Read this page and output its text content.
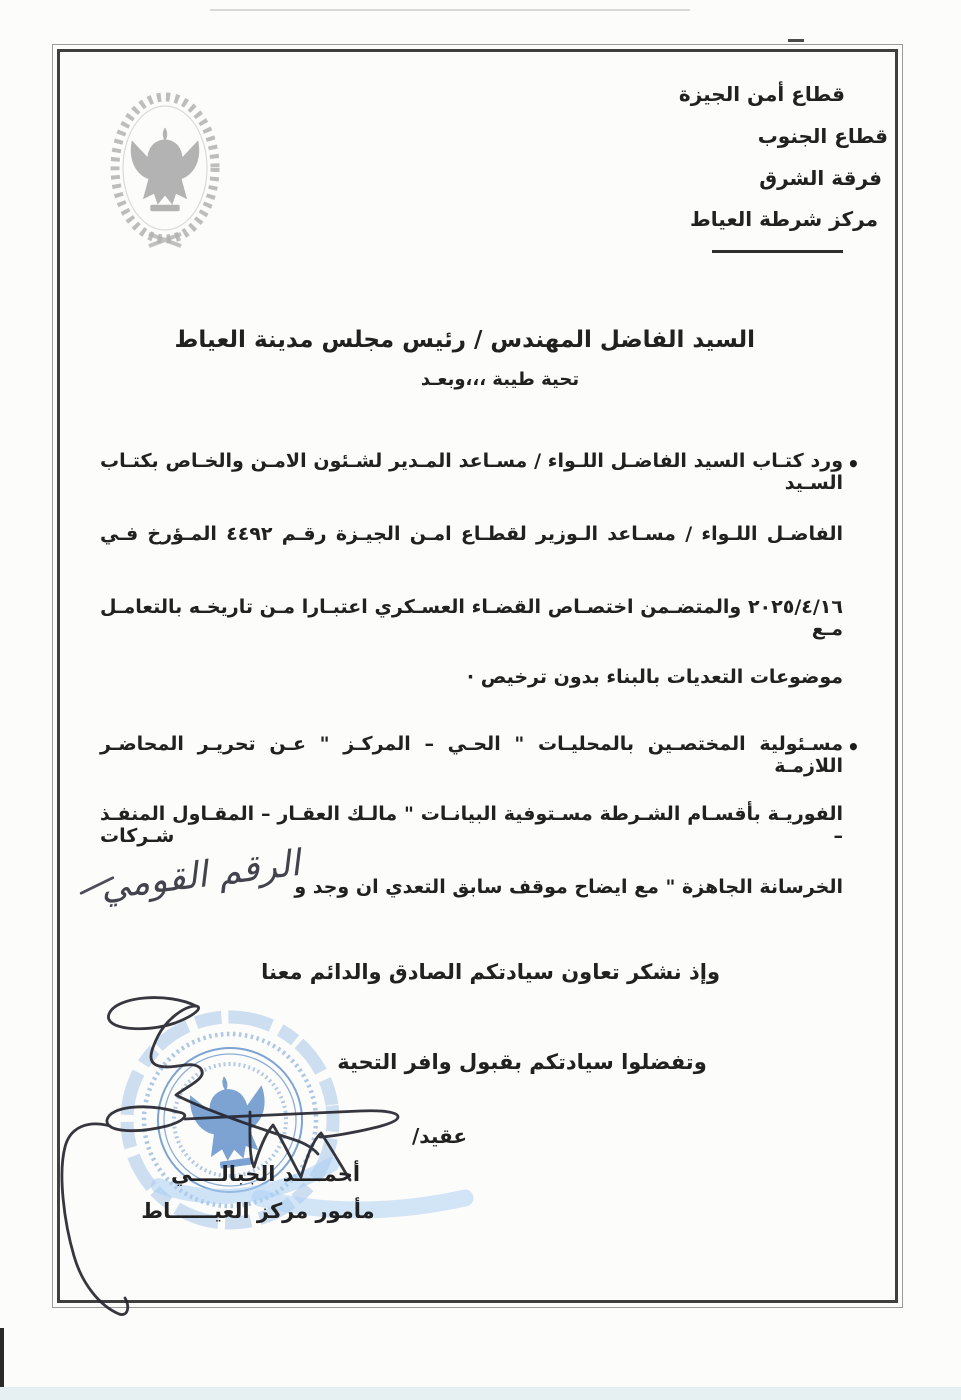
قطاع أمن الجيزة
قطاع الجنوب
فرقة الشرق
مركز شرطة العياط
السيد الفاضل المهندس / رئيس مجلس مدينة العياط
تحية طيبة ،،،وبعـد
•
ورد كتـاب السيد الفاضـل اللـواء / مسـاعد المـدير لشـئون الامـن والخـاص بكتـاب السـيد
الفاضـل اللـواء / مسـاعد الـوزير لقطـاع امـن الجيـزة رقـم ٤٤٩٢ المـؤرخ فـي
٢٠٢٥/٤/١٦ والمتضـمن اختصـاص القضـاء العسـكري اعتبـارا مـن تاريخـه بالتعامـل مـع
موضوعات التعديات بالبناء بدون ترخيص ·
•
مسـئولية المختصـين بالمحليـات " الحـي – المركـز " عـن تحريـر المحاضـر اللازمـة
الفوريـة بأقسـام الشـرطة مسـتوفية البيانـات " مالـك العقـار – المقـاول المنفـذ – شـركات
الخرسانة الجاهزة " مع ايضاح موقف سابق التعدي ان وجد و
الرقم القومي
وإذ نشكر تعاون سيادتكم الصادق والدائم معنا
وتفضلوا سيادتكم بقبول وافر التحية
عقيد/
أحمــــد الجبالــــي
مأمور مركز العيــــــاط
